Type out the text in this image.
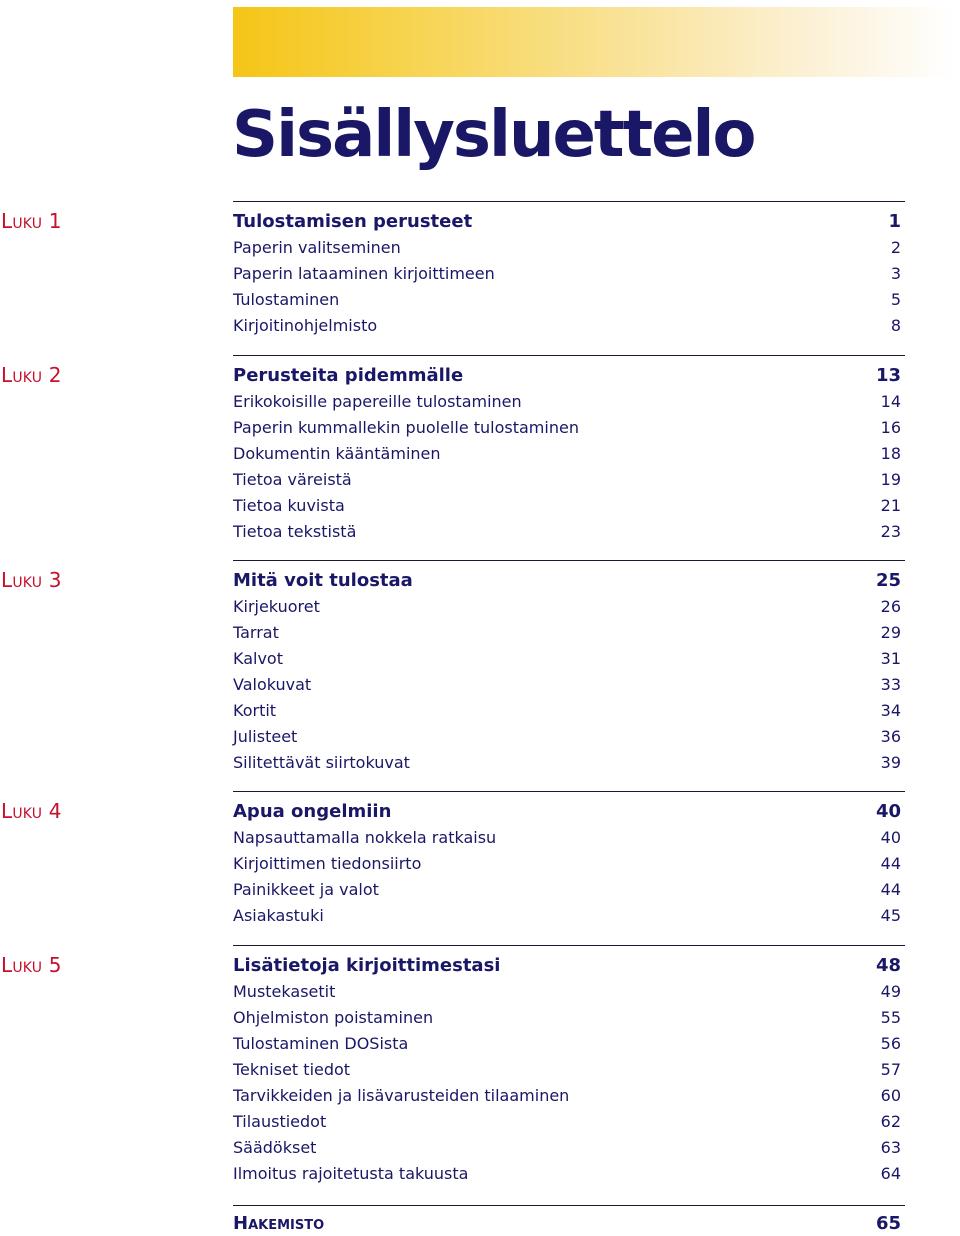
Sisällysluettelo
Luku 1	Tulostamisen perusteet	1
Paperin valitseminen	2
Paperin lataaminen kirjoittimeen	3
Tulostaminen	5
Kirjoitinohjelmisto	8
Luku 2	Perusteita pidemmälle	13
Erikokoisille papereille tulostaminen	14
Paperin kummallekin puolelle tulostaminen	16
Dokumentin kääntäminen	18
Tietoa väreistä	19
Tietoa kuvista	21
Tietoa tekstistä	23
Luku 3	Mitä voit tulostaa	25
Kirjekuoret	26
Tarrat	29
Kalvot	31
Valokuvat	33
Kortit	34
Julisteet	36
Silitettävät siirtokuvat	39
Luku 4	Apua ongelmiin	40
Napsauttamalla nokkela ratkaisu	40
Kirjoittimen tiedonsiirto	44
Painikkeet ja valot	44
Asiakastuki	45
Luku 5	Lisätietoja kirjoittimestasi	48
Mustekasetit	49
Ohjelmiston poistaminen	55
Tulostaminen DOSista	56
Tekniset tiedot	57
Tarvikkeiden ja lisävarusteiden tilaaminen	60
Tilaustiedot	62
Säädökset	63
Ilmoitus rajoitetusta takuusta	64
Hakemisto	65
